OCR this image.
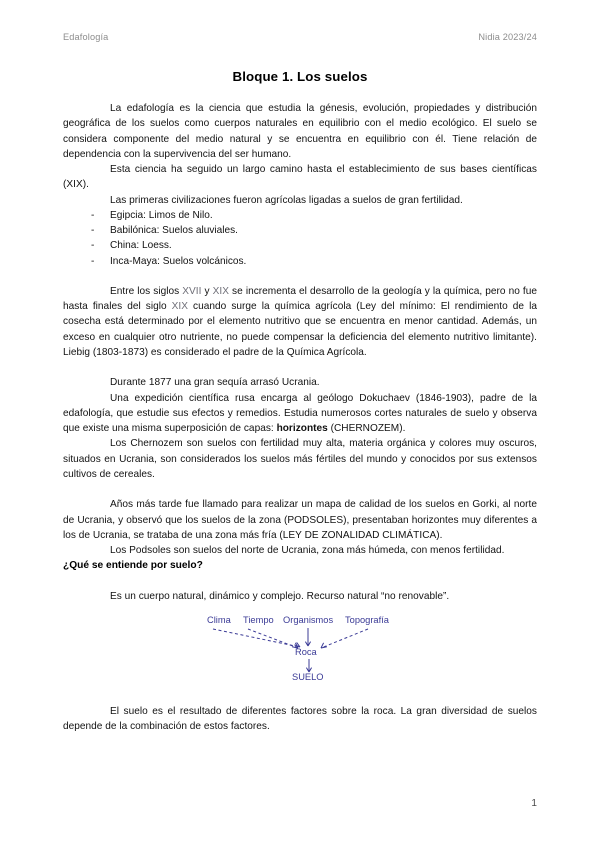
Edafología	Nidia 2023/24
Bloque 1. Los suelos

La edafología es la ciencia que estudia la génesis, evolución, propiedades y distribución geográfica de los suelos como cuerpos naturales en equilibrio con el medio ecológico. El suelo se considera componente del medio natural y se encuentra en equilibrio con él. Tiene relación de dependencia con la supervivencia del ser humano.

Esta ciencia ha seguido un largo camino hasta el establecimiento de sus bases científicas (XIX).

Las primeras civilizaciones fueron agrícolas ligadas a suelos de gran fertilidad.

- Egipcia: Limos de Nilo.
- Babilónica: Suelos aluviales.
- China: Loess.
- Inca-Maya: Suelos volcánicos.

Entre los siglos XVII y XIX se incrementa el desarrollo de la geología y la química, pero no fue hasta finales del siglo XIX cuando surge la química agrícola (Ley del mínimo: El rendimiento de la cosecha está determinado por el elemento nutritivo que se encuentra en menor cantidad. Además, un exceso en cualquier otro nutriente, no puede compensar la deficiencia del elemento nutritivo limitante). Liebig (1803-1873) es considerado el padre de la Química Agrícola.

Durante 1877 una gran sequía arrasó Ucrania.

Una expedición científica rusa encarga al geólogo Dokuchaev (1846-1903), padre de la edafología, que estudie sus efectos y remedios. Estudia numerosos cortes naturales de suelo y observa que existe una misma superposición de capas: horizontes (CHERNOZEM).

Los Chernozem son suelos con fertilidad muy alta, materia orgánica y colores muy oscuros, situados en Ucrania, son considerados los suelos más fértiles del mundo y conocidos por sus extensos cultivos de cereales.

Años más tarde fue llamado para realizar un mapa de calidad de los suelos en Gorki, al norte de Ucrania, y observó que los suelos de la zona (PODSOLES), presentaban horizontes muy diferentes a los de Ucrania, se trataba de una zona más fría (LEY DE ZONALIDAD CLIMÁTICA).

Los Podsoles son suelos del norte de Ucrania, zona más húmeda, con menos fertilidad.

¿Qué se entiende por suelo?

Es un cuerpo natural, dinámico y complejo. Recurso natural “no renovable”.

Clima Tiempo Organismos Topografía
Roca
SUELO

El suelo es el resultado de diferentes factores sobre la roca. La gran diversidad de suelos depende de la combinación de estos factores.

1
